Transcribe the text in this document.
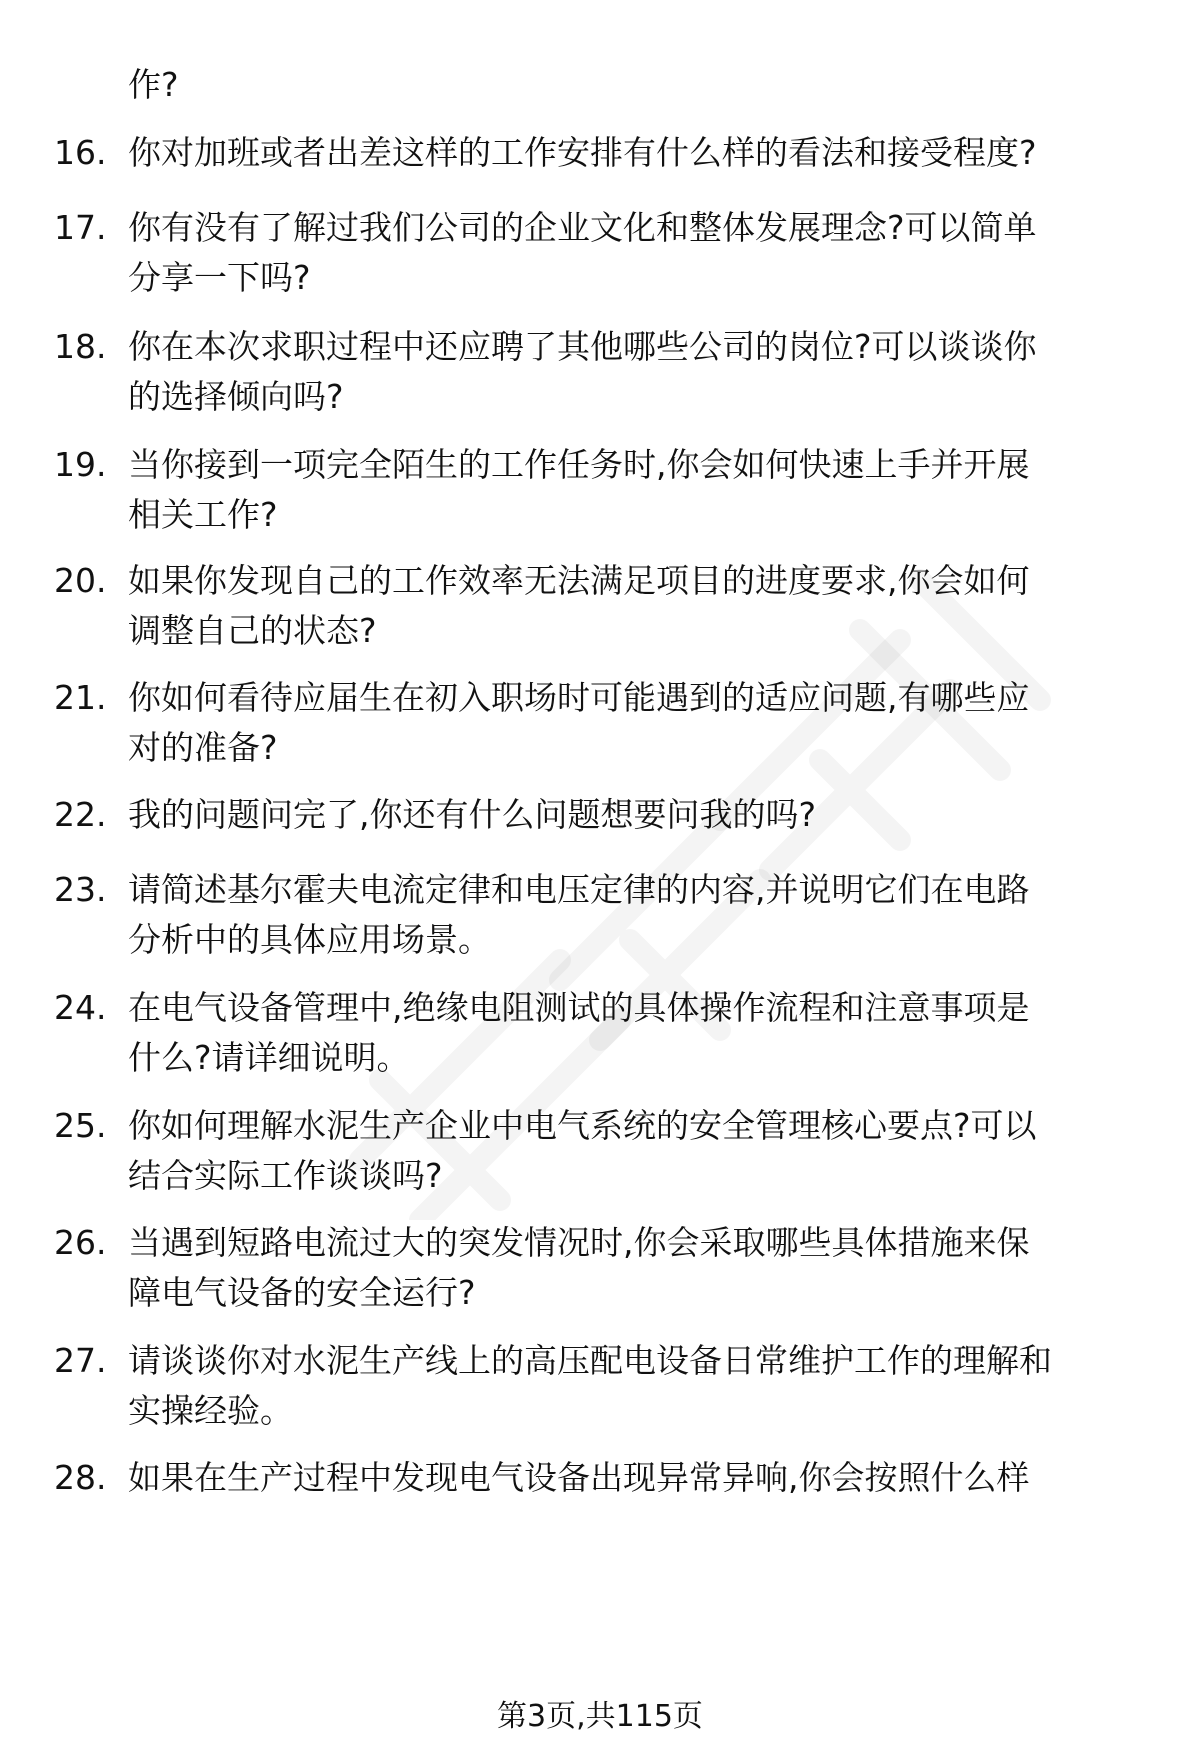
作?
16. 你对加班或者出差这样的工作安排有什么样的看法和接受程度?
17. 你有没有了解过我们公司的企业文化和整体发展理念?可以简单
分享一下吗?
18. 你在本次求职过程中还应聘了其他哪些公司的岗位?可以谈谈你
的选择倾向吗?
19. 当你接到一项完全陌生的工作任务时,你会如何快速上手并开展
相关工作?
20. 如果你发现自己的工作效率无法满足项目的进度要求,你会如何
调整自己的状态?
21. 你如何看待应届生在初入职场时可能遇到的适应问题,有哪些应
对的准备?
22. 我的问题问完了,你还有什么问题想要问我的吗?
23. 请简述基尔霍夫电流定律和电压定律的内容,并说明它们在电路
分析中的具体应用场景。
24. 在电气设备管理中,绝缘电阻测试的具体操作流程和注意事项是
什么?请详细说明。
25. 你如何理解水泥生产企业中电气系统的安全管理核心要点?可以
结合实际工作谈谈吗?
26. 当遇到短路电流过大的突发情况时,你会采取哪些具体措施来保
障电气设备的安全运行?
27. 请谈谈你对水泥生产线上的高压配电设备日常维护工作的理解和
实操经验。
28. 如果在生产过程中发现电气设备出现异常异响,你会按照什么样
第3页,共115页
